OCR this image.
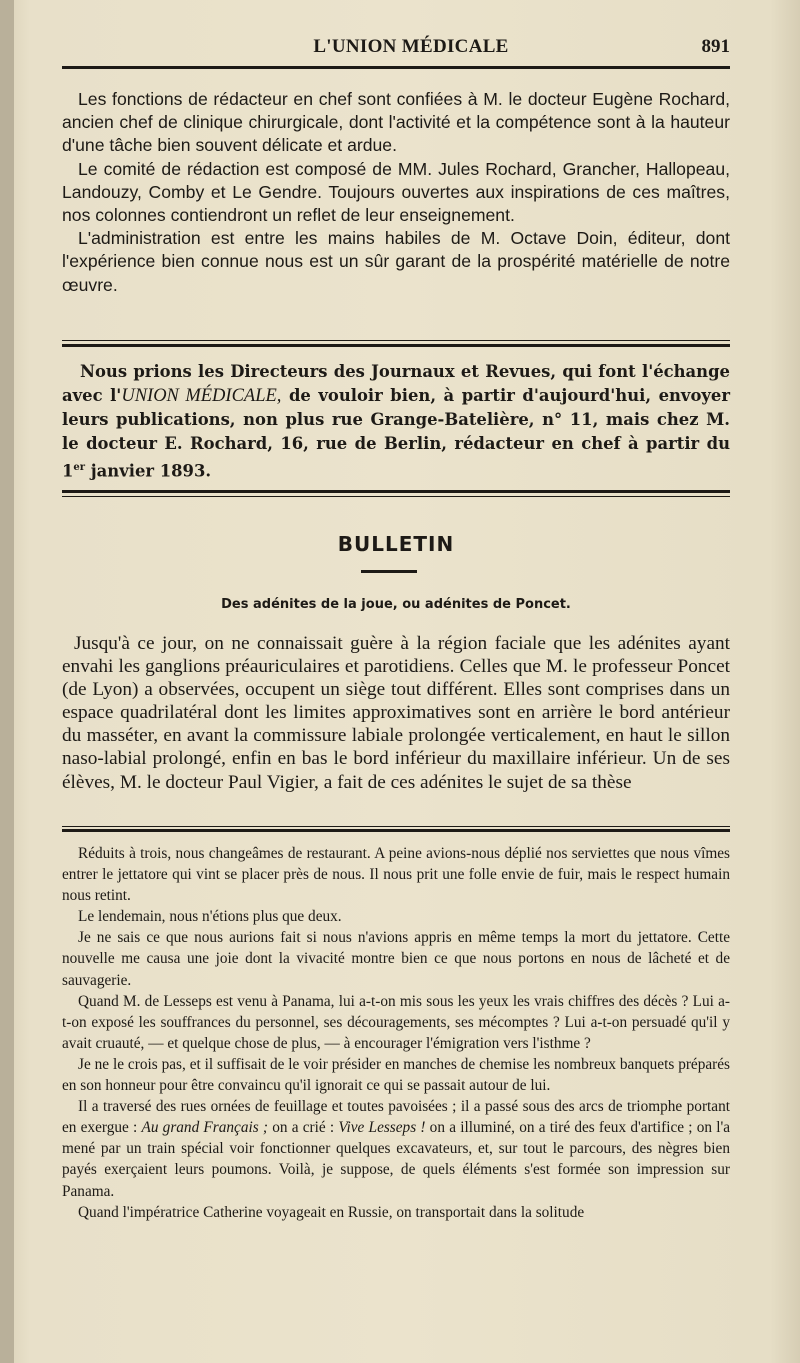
L'UNION MÉDICALE	891

Les fonctions de rédacteur en chef sont confiées à M. le docteur Eugène Rochard, ancien chef de clinique chirurgicale, dont l'activité et la compétence sont à la hauteur d'une tâche bien souvent délicate et ardue.

Le comité de rédaction est composé de MM. Jules Rochard, Grancher, Hallopeau, Landouzy, Comby et Le Gendre. Toujours ouvertes aux inspirations de ces maîtres, nos colonnes contiendront un reflet de leur enseignement.

L'administration est entre les mains habiles de M. Octave Doin, éditeur, dont l'expérience bien connue nous est un sûr garant de la prospérité matérielle de notre œuvre.

Nous prions les Directeurs des Journaux et Revues, qui font l'échange avec l'UNION MÉDICALE, de vouloir bien, à partir d'aujourd'hui, envoyer leurs publications, non plus rue Grange-Batelière, n° 11, mais chez M. le docteur E. Rochard, 16, rue de Berlin, rédacteur en chef à partir du 1er janvier 1893.

BULLETIN
Des adénites de la joue, ou adénites de Poncet.

Jusqu'à ce jour, on ne connaissait guère à la région faciale que les adénites ayant envahi les ganglions préauriculaires et parotidiens. Celles que M. le professeur Poncet (de Lyon) a observées, occupent un siège tout différent. Elles sont comprises dans un espace quadrilatéral dont les limites approximatives sont en arrière le bord antérieur du masséter, en avant la commissure labiale prolongée verticalement, en haut le sillon naso-labial prolongé, enfin en bas le bord inférieur du maxillaire inférieur. Un de ses élèves, M. le docteur Paul Vigier, a fait de ces adénites le sujet de sa thèse

Réduits à trois, nous changeâmes de restaurant. A peine avions-nous déplié nos serviettes que nous vîmes entrer le jettatore qui vint se placer près de nous. Il nous prit une folle envie de fuir, mais le respect humain nous retint.

Le lendemain, nous n'étions plus que deux.

Je ne sais ce que nous aurions fait si nous n'avions appris en même temps la mort du jettatore. Cette nouvelle me causa une joie dont la vivacité montre bien ce que nous portons en nous de lâcheté et de sauvagerie.

Quand M. de Lesseps est venu à Panama, lui a-t-on mis sous les yeux les vrais chiffres des décès ? Lui a-t-on exposé les souffrances du personnel, ses découragements, ses mécomptes ? Lui a-t-on persuadé qu'il y avait cruauté, — et quelque chose de plus, — à encourager l'émigration vers l'isthme ?

Je ne le crois pas, et il suffisait de le voir présider en manches de chemise les nombreux banquets préparés en son honneur pour être convaincu qu'il ignorait ce qui se passait autour de lui.

Il a traversé des rues ornées de feuillage et toutes pavoisées ; il a passé sous des arcs de triomphe portant en exergue : Au grand Français ; on a crié : Vive Lesseps ! on a illuminé, on a tiré des feux d'artifice ; on l'a mené par un train spécial voir fonctionner quelques excavateurs, et, sur tout le parcours, des nègres bien payés exerçaient leurs poumons. Voilà, je suppose, de quels éléments s'est formée son impression sur Panama.

Quand l'impératrice Catherine voyageait en Russie, on transportait dans la solitude
